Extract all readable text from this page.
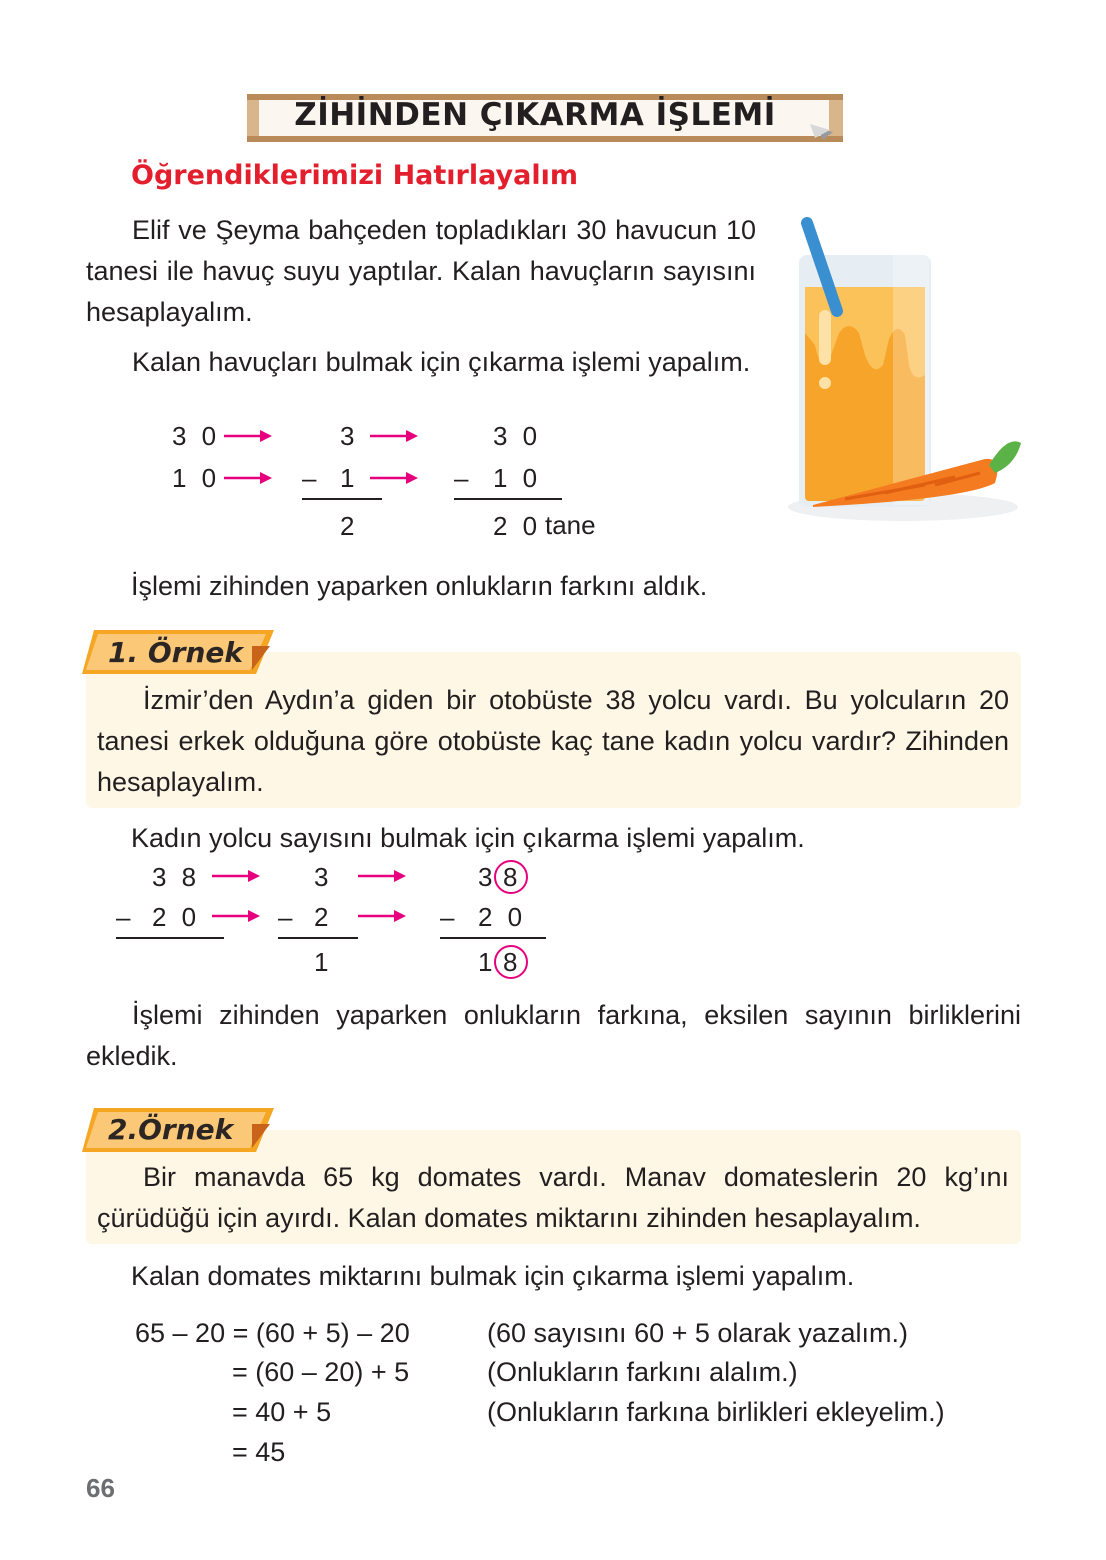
ZİHİNDEN ÇIKARMA İŞLEMİ
Öğrendiklerimizi Hatırlayalım
Elif ve Şeyma bahçeden topladıkları 30 havucun 10 tanesi ile havuç suyu yaptılar. Kalan havuçların sayısını hesaplayalım.
Kalan havuçları bulmak için çıkarma işlemi yapalım.
3 0
1 0
3
– 1
2
3 0
– 1 0
2 0 tane
İşlemi zihinden yaparken onlukların farkını aldık.
1. Örnek
İzmir’den Aydın’a giden bir otobüste 38 yolcu vardı. Bu yolcuların 20 tanesi erkek olduğuna göre otobüste kaç tane kadın yolcu vardır? Zihinden hesaplayalım.
Kadın yolcu sayısını bulmak için çıkarma işlemi yapalım.
3 8
– 2 0
3
– 2
1
3 8
– 2 0
1 8
İşlemi zihinden yaparken onlukların farkına, eksilen sayının birliklerini ekledik.
2.Örnek
Bir manavda 65 kg domates vardı. Manav domateslerin 20 kg’ını çürüdüğü için ayırdı. Kalan domates miktarını zihinden hesaplayalım.
Kalan domates miktarını bulmak için çıkarma işlemi yapalım.
65 – 20 = (60 + 5) – 20	(60 sayısını 60 + 5 olarak yazalım.)
= (60 – 20) + 5	(Onlukların farkını alalım.)
= 40 + 5	(Onlukların farkına birlikleri ekleyelim.)
= 45
66
